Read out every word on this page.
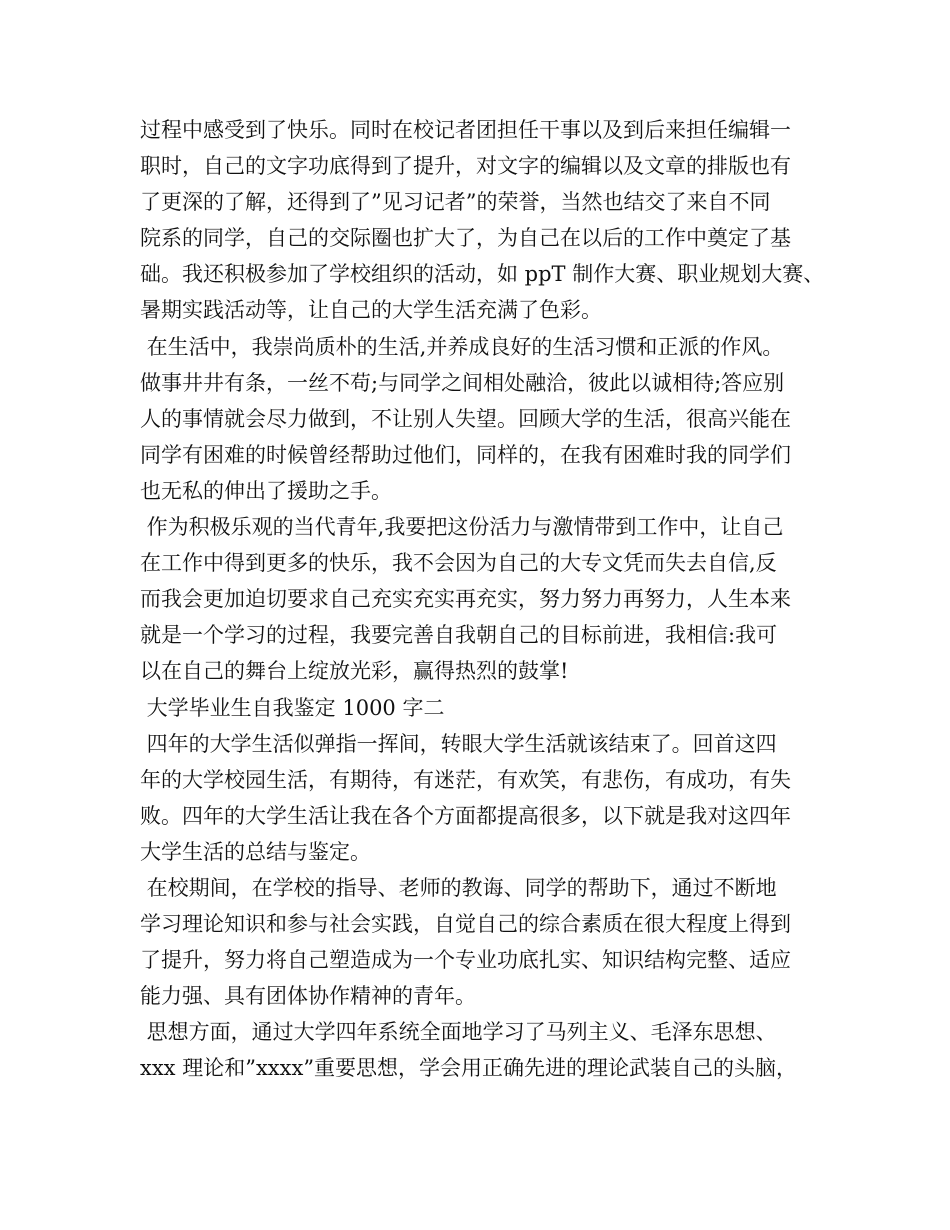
过程中感受到了快乐。同时在校记者团担任干事以及到后来担任编辑一
职时，自己的文字功底得到了提升，对文字的编辑以及文章的排版也有
了更深的了解，还得到了”见习记者”的荣誉，当然也结交了来自不同
院系的同学，自己的交际圈也扩大了，为自己在以后的工作中奠定了基
础。我还积极参加了学校组织的活动，如 ppT 制作大赛、职业规划大赛、
暑期实践活动等，让自己的大学生活充满了色彩。
在生活中，我崇尚质朴的生活,并养成良好的生活习惯和正派的作风。
做事井井有条，一丝不苟;与同学之间相处融洽，彼此以诚相待;答应别
人的事情就会尽力做到，不让别人失望。回顾大学的生活，很高兴能在
同学有困难的时候曾经帮助过他们，同样的，在我有困难时我的同学们
也无私的伸出了援助之手。
作为积极乐观的当代青年,我要把这份活力与激情带到工作中，让自己
在工作中得到更多的快乐，我不会因为自己的大专文凭而失去自信,反
而我会更加迫切要求自己充实充实再充实，努力努力再努力，人生本来
就是一个学习的过程，我要完善自我朝自己的目标前进，我相信:我可
以在自己的舞台上绽放光彩，赢得热烈的鼓掌!
大学毕业生自我鉴定 1000 字二
四年的大学生活似弹指一挥间，转眼大学生活就该结束了。回首这四
年的大学校园生活，有期待，有迷茫，有欢笑，有悲伤，有成功，有失
败。四年的大学生活让我在各个方面都提高很多，以下就是我对这四年
大学生活的总结与鉴定。
在校期间，在学校的指导、老师的教诲、同学的帮助下，通过不断地
学习理论知识和参与社会实践，自觉自己的综合素质在很大程度上得到
了提升，努力将自己塑造成为一个专业功底扎实、知识结构完整、适应
能力强、具有团体协作精神的青年。
思想方面，通过大学四年系统全面地学习了马列主义、毛泽东思想、
xxx 理论和”xxxx”重要思想，学会用正确先进的理论武装自己的头脑，
